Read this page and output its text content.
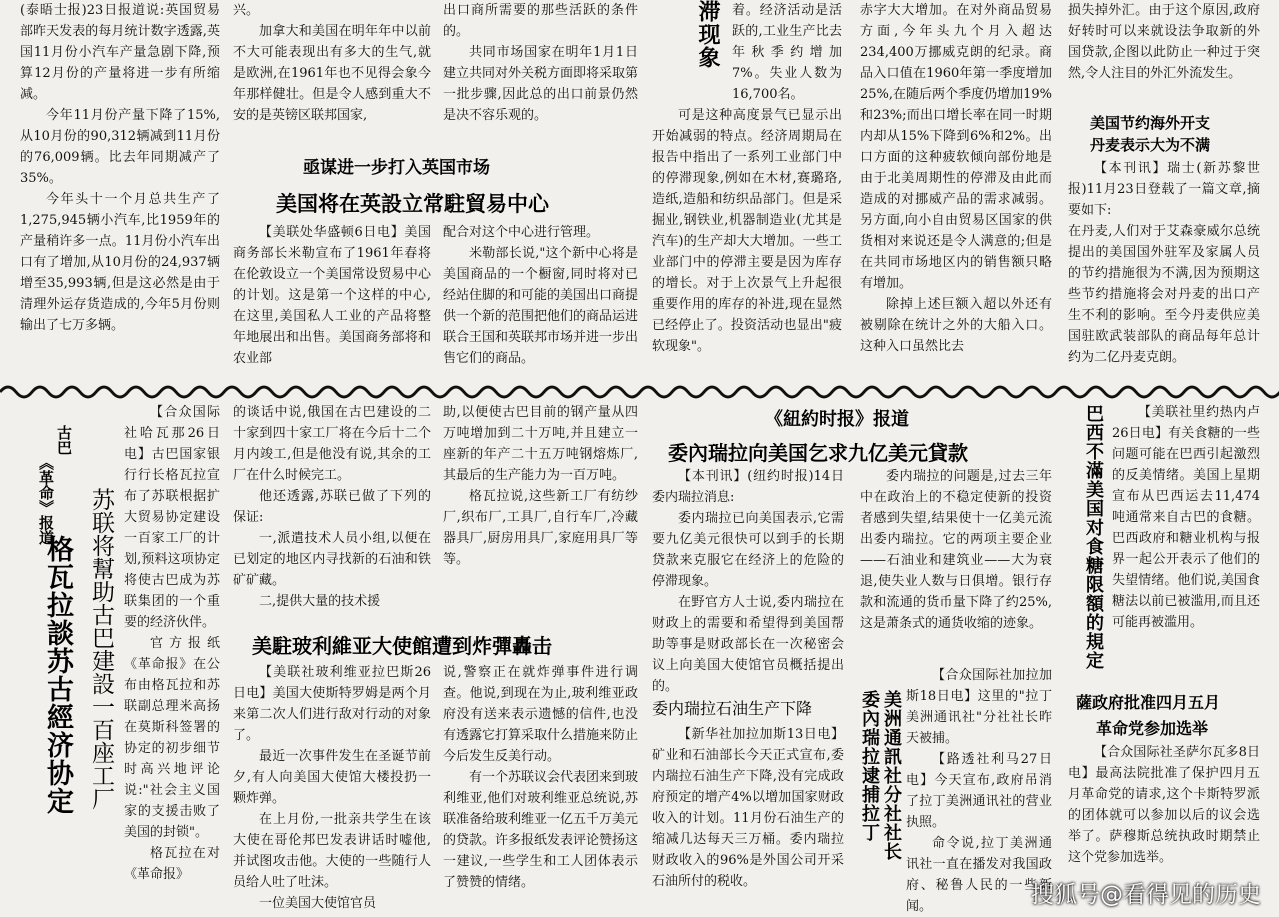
(泰晤士报)23日报道说:英国贸易部昨天发表的每月统计数字透露,英国11月份小汽车产量急剧下降,预算12月份的产量将进一步有所缩减。

今年11月份产量下降了15%,从10月份的90,312辆减到11月份的76,009辆。比去年同期减产了35%。

今年头十一个月总共生产了1,275,945辆小汽车,比1959年的产量稍许多一点。11月份小汽车出口有了增加,从10月份的24,937辆增至35,993辆,但是这必然是由于清理外运存货造成的,今年5月份则输出了七万多辆。

兴。

加拿大和美国在明年年中以前不大可能表现出有多大的生气,就是欧洲,在1961年也不见得会象今年那样健壮。但是令人感到重大不安的是英镑区联邦国家,

出口商所需要的那些活跃的条件的。

共同市场国家在明年1月1日建立共同对外关税方面即将采取第一批步骤,因此总的出口前景仍然是决不容乐观的。

亟谋进一步打入英国市场
美国将在英設立常駐貿易中心

【美联处华盛顿6日电】美国商务部长米勒宣布了1961年春将在伦敦设立一个美国常设贸易中心的计划。这是第一个这样的中心,在这里,美国私人工业的产品将整年地展出和出售。美国商务部将和农业部

配合对这个中心进行管理。

米勒部长说,"这个新中心将是美国商品的一个橱窗,同时将对已经站住脚的和可能的美国出口商提供一个新的范围把他们的商品运进联合王国和英联邦市场并进一步出售它们的商品。

滞现象 着。经济活动是活跃的,工业生产比去年秋季约增加7%。失业人数为16,700名。

可是这种高度景气已显示出开始减弱的特点。经济周期局在报告中指出了一系列工业部门中的停滞现象,例如在木材,赛璐珞,造纸,造船和纺织品部门。但是采掘业,钢铁业,机器制造业(尤其是汽车)的生产却大大增加。一些工业部门中的停滞主要是因为库存的增长。对于上次景气上升起很重要作用的库存的补进,现在显然已经停止了。投资活动也显出"疲软现象"。

赤字大大增加。在对外商品贸易方面,今年头九个月入超达234,400万挪威克朗的纪录。商品入口值在1960年第一季度增加25%,在随后两个季度仍增加19%和23%;而出口增长率在同一时期内却从15%下降到6%和2%。出口方面的这种疲软倾向部份地是由于北美周期性的停滞及由此而造成的对挪威产品的需求减弱。另方面,向小自由贸易区国家的供货相对来说还是令人满意的;但是在共同市场地区内的销售额只略有增加。

除掉上述巨额入超以外还有被剔除在统计之外的大船入口。这种入口虽然比去

损失掉外汇。由于这个原因,政府好转时可以来就设法争取新的外国贷款,企图以此防止一种过于突然,令人注目的外汇外流发生。

美国节约海外开支
丹麦表示大为不满

【本刊讯】瑞士(新苏黎世报)11月23日登载了一篇文章,摘要如下:
在丹麦,人们对于艾森豪威尔总统提出的美国国外驻军及家属人员的节约措施很为不满,因为预期这些节约措施将会对丹麦的出口产生不利的影响。至今丹麦供应美国驻欧武装部队的商品每年总计约为二亿丹麦克朗。

古巴
《革命》报道
格瓦拉談苏古經济协定 苏联将幫助古巴建設一百座工厂

【合众国际社哈瓦那26日电】古巴国家银行行长格瓦拉宣布了苏联根据扩大贸易协定建设一百家工厂的计划,预料这项协定将使古巴成为苏联集团的一个重要的经济伙伴。

官方报纸《革命报》在公布由格瓦拉和苏联副总理米高扬在莫斯科签署的协定的初步细节时高兴地评论说:"社会主义国家的支援击败了美国的封锁"。

格瓦拉在对《革命报》

的谈话中说,俄国在古巴建设的二十家到四十家工厂将在今后十二个月内竣工,但是他没有说,其余的工厂在什么时候完工。

他还透露,苏联已做了下列的保证:

一,派遣技术人员小组,以便在已划定的地区内寻找新的石油和铁矿矿藏。

二,提供大量的技术援

助,以便使古巴目前的钢产量从四万吨增加到二十万吨,并且建立一座新的年产二十五万吨钢熔炼厂,其最后的生产能力为一百万吨。

格瓦拉说,这些新工厂有纺纱厂,织布厂,工具厂,自行车厂,冷藏器具厂,厨房用具厂,家庭用具厂等等。

美駐玻利維亚大使館遭到炸彈轟击

【美联社玻利维亚拉巴斯26日电】美国大使斯特罗姆是两个月来第二次人们进行敌对行动的对象了。

最近一次事件发生在圣诞节前夕,有人向美国大使馆大楼投扔一颗炸弹。

在上月份,一批亲共学生在该大使在哥伦邦巴发表讲话时嘘他,并试图攻击他。大使的一些随行人员给人吐了吐沫。

一位美国大使馆官员

说,警察正在就炸弹事件进行调查。他说,到现在为止,玻利维亚政府没有送来表示遗憾的信件,也没有透露它打算采取什么措施来防止今后发生反美行动。

有一个苏联议会代表团来到玻利维亚,他们对玻利维亚总统说,苏联准备给玻利维亚一亿五千万美元的贷款。许多报纸发表评论赞扬这一建议,一些学生和工人团体表示了赞赞的情绪。

《紐約时报》报道
委內瑞拉向美国乞求九亿美元貸款

【本刊讯】(纽约时报)14日委内瑞拉消息:

委内瑞拉已向美国表示,它需要九亿美元很快可以到手的长期贷款来克服它在经济上的危险的停滞现象。

在野官方人士说,委内瑞拉在财政上的需要和希望得到美国帮助等事是财政部长在一次秘密会议上向美国大使馆官员概括提出的。

委内瑞拉的问题是,过去三年中在政治上的不稳定使新的投资者感到失望,结果使十一亿美元流出委内瑞拉。它的两项主要企业——石油业和建筑业——大为衰退,使失业人数与日俱增。银行存款和流通的货币量下降了约25%,这是萧条式的通货收缩的迹象。

委内瑞拉石油生产下降

【新华社加拉加斯13日电】矿业和石油部长今天正式宣布,委内瑞拉石油生产下降,没有完成政府预定的增产4%以增加国家财政收入的计划。11月份石油生产的缩减几达每天三万桶。委内瑞拉财政收入的96%是外国公司开采石油所付的税收。

美洲通訊社分社社长
委內瑞拉逮捕拉丁

【合众国际社加拉加斯18日电】这里的"拉丁美洲通讯社"分社社长昨天被捕。

【路透社利马27日电】今天宣布,政府吊消了拉丁美洲通讯社的营业执照。

命令说,拉丁美洲通讯社一直在播发对我国政府、秘鲁人民的一些新闻。

巴西不滿美国对食糖限額的規定	【美联社里约热内卢26日电】有关食糖的一些问题可能在巴西引起激烈的反美情绪。美国上星期宣布从巴西运去11,474吨通常来自古巴的食糖。巴西政府和糖业机构与报界一起公开表示了他们的失望情绪。他们说,美国食糖法以前已被滥用,而且还可能再被滥用。

薩政府批准四月五月
革命党参加选举

【合众国际社圣萨尔瓦多8日电】最高法院批准了保护四月五月革命党的请求,这个卡斯特罗派的团体就可以参加以后的议会选举了。萨穆斯总统执政时期禁止这个党参加选举。

搜狐号@看得见的历史
